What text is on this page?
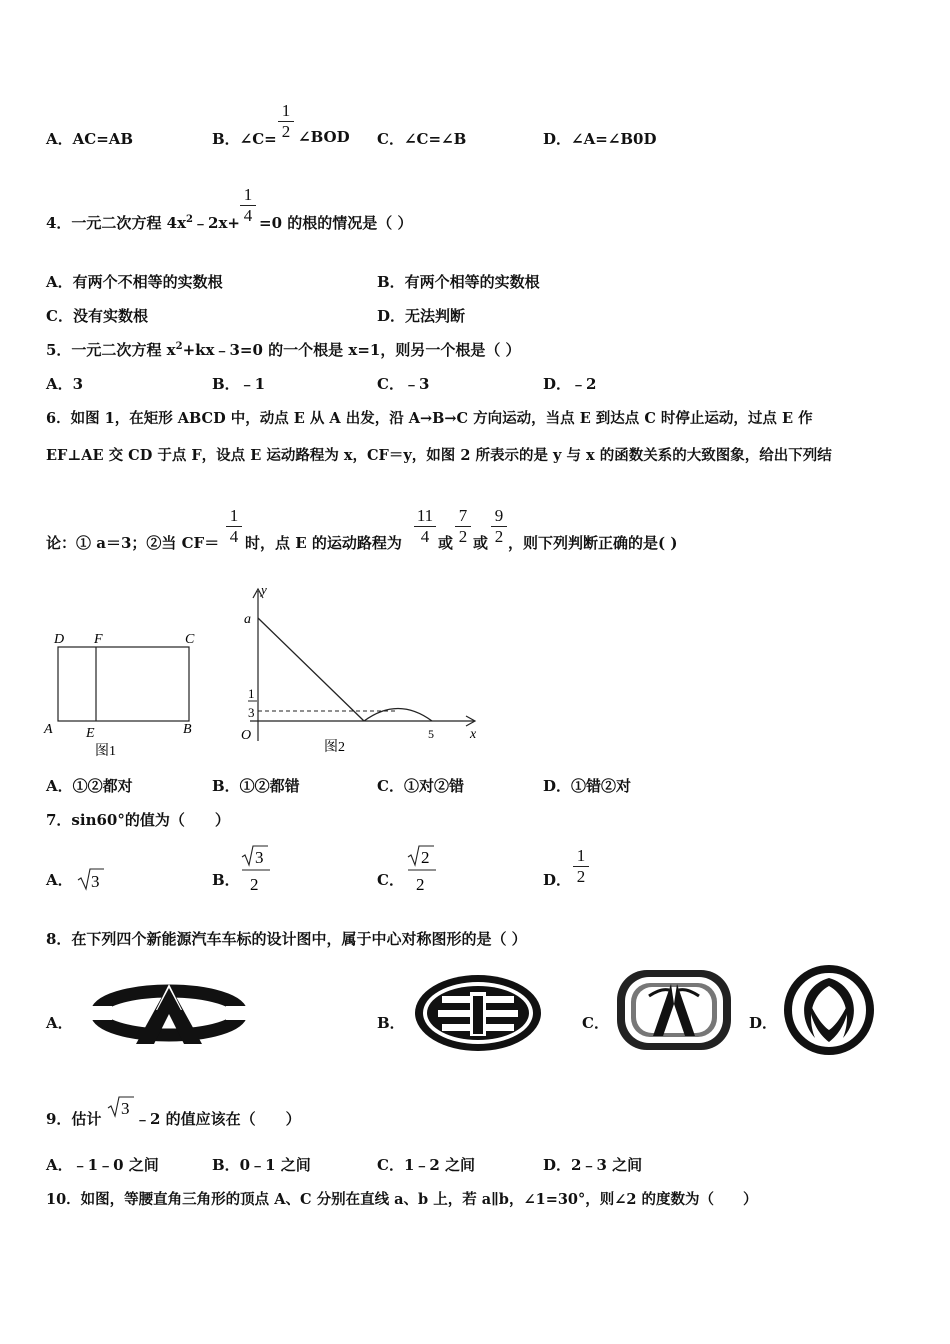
A．AC=AB	B．∠C=
1
2 ∠BOD C．∠C=∠B	D．∠A=∠B0D
4．一元二次方程 $4x^2﹣2x+$
1
4 =0 的根的情况是（ ）
A．有两个不相等的实数根	B．有两个相等的实数根
C．没有实数根	D．无法判断
5．一元二次方程 $x^2+kx﹣3=0$ 的一个根是 x=1，则另一个根是（ ）
A．3	B．﹣1	C．﹣3	D．﹣2
6．如图 1，在矩形 ABCD 中，动点 E 从 A 出发，沿 A→B→C 方向运动，当点 E 到达点 C 时停止运动，过点 E 作
EF⊥AE 交 CD 于点 F，设点 E 运动路程为 x，CF＝y，如图 2 所表示的是 y 与 x 的函数关系的大致图象，给出下列结
论：① a＝3；②当 CF＝
1
4 时，点 E 的运动路程为
11
4 或
7
2 或
9
2 ，则下列判断正确的是( )
D F	C
A E	B
图1
y
a
1
3
O	5	x
图2
A．①②都对	B．①②都错	C．①对②错	D．①错②对
7．sin60°的值为（　　）
A． 3	B．
3
2	C．
2
2	D．
1
2
8．在下列四个新能源汽车车标的设计图中，属于中心对称图形的是（ ）
A．	B．	C．	D．
9．估计
3
﹣2 的值应该在（　　）
A．﹣1﹣0 之间	B．0﹣1 之间	C．1﹣2 之间	D．2﹣3 之间
10．如图，等腰直角三角形的顶点 A、C 分别在直线 a、b 上，若 a∥b，∠1=30°，则∠2 的度数为（　　）
